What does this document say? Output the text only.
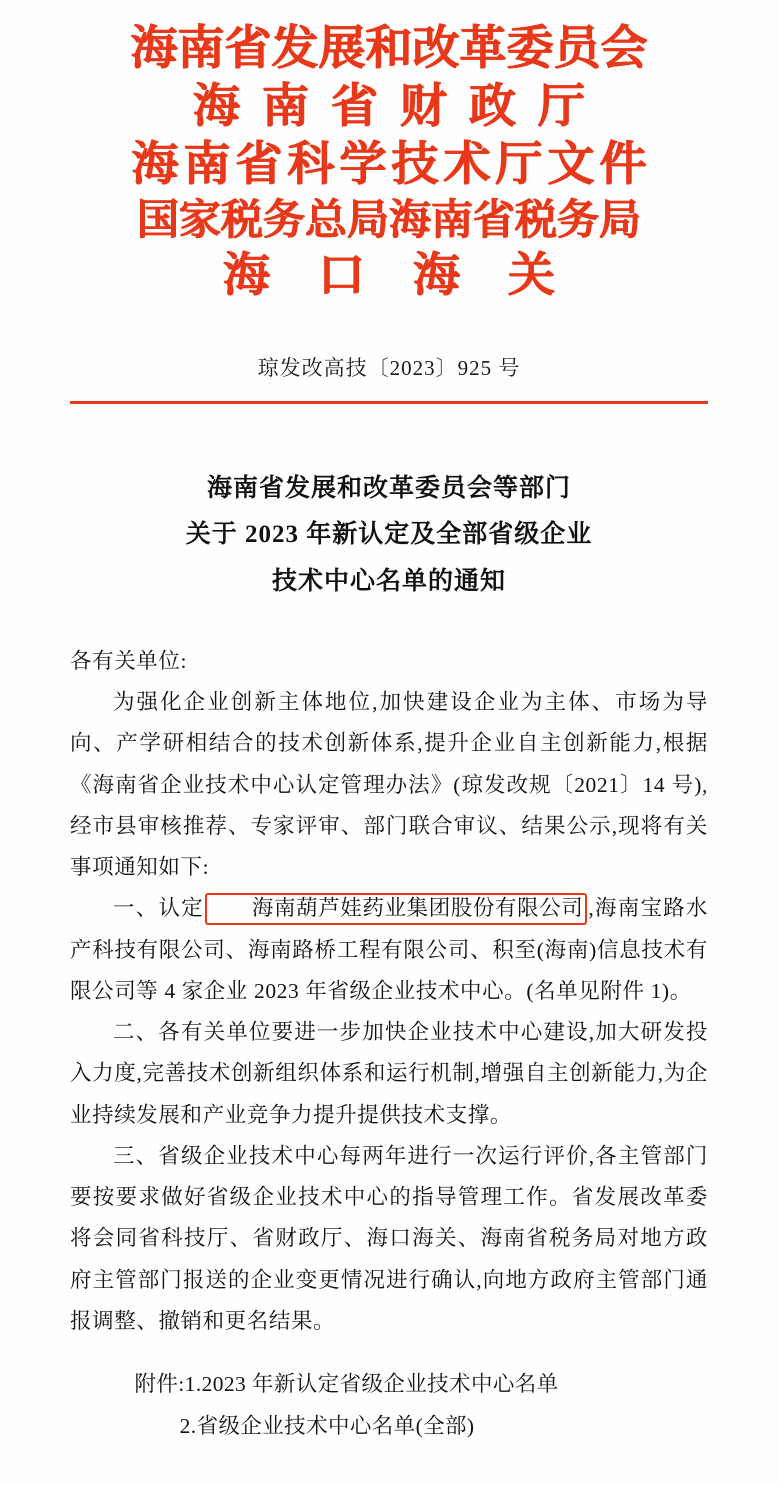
海南省发展和改革委员会
海南省财政厅
海南省科学技术厅文件
国家税务总局海南省税务局
海口海关
琼发改高技〔2023〕925 号
海南省发展和改革委员会等部门
关于 2023 年新认定及全部省级企业
技术中心名单的通知

各有关单位:

为强化企业创新主体地位,加快建设企业为主体、市场为导向、产学研相结合的技术创新体系,提升企业自主创新能力,根据《海南省企业技术中心认定管理办法》(琼发改规〔2021〕14 号),经市县审核推荐、专家评审、部门联合审议、结果公示,现将有关事项通知如下:

一、认定 海南葫芦娃药业集团股份有限公司 ,海南宝路水产科技有限公司、海南路桥工程有限公司、积至(海南)信息技术有限公司等 4 家企业 2023 年省级企业技术中心。(名单见附件 1)。

二、各有关单位要进一步加快企业技术中心建设,加大研发投入力度,完善技术创新组织体系和运行机制,增强自主创新能力,为企业持续发展和产业竞争力提升提供技术支撑。

三、省级企业技术中心每两年进行一次运行评价,各主管部门要按要求做好省级企业技术中心的指导管理工作。省发展改革委将会同省科技厅、省财政厅、海口海关、海南省税务局对地方政府主管部门报送的企业变更情况进行确认,向地方政府主管部门通报调整、撤销和更名结果。

附件:1.2023 年新认定省级企业技术中心名单
2.省级企业技术中心名单(全部)
